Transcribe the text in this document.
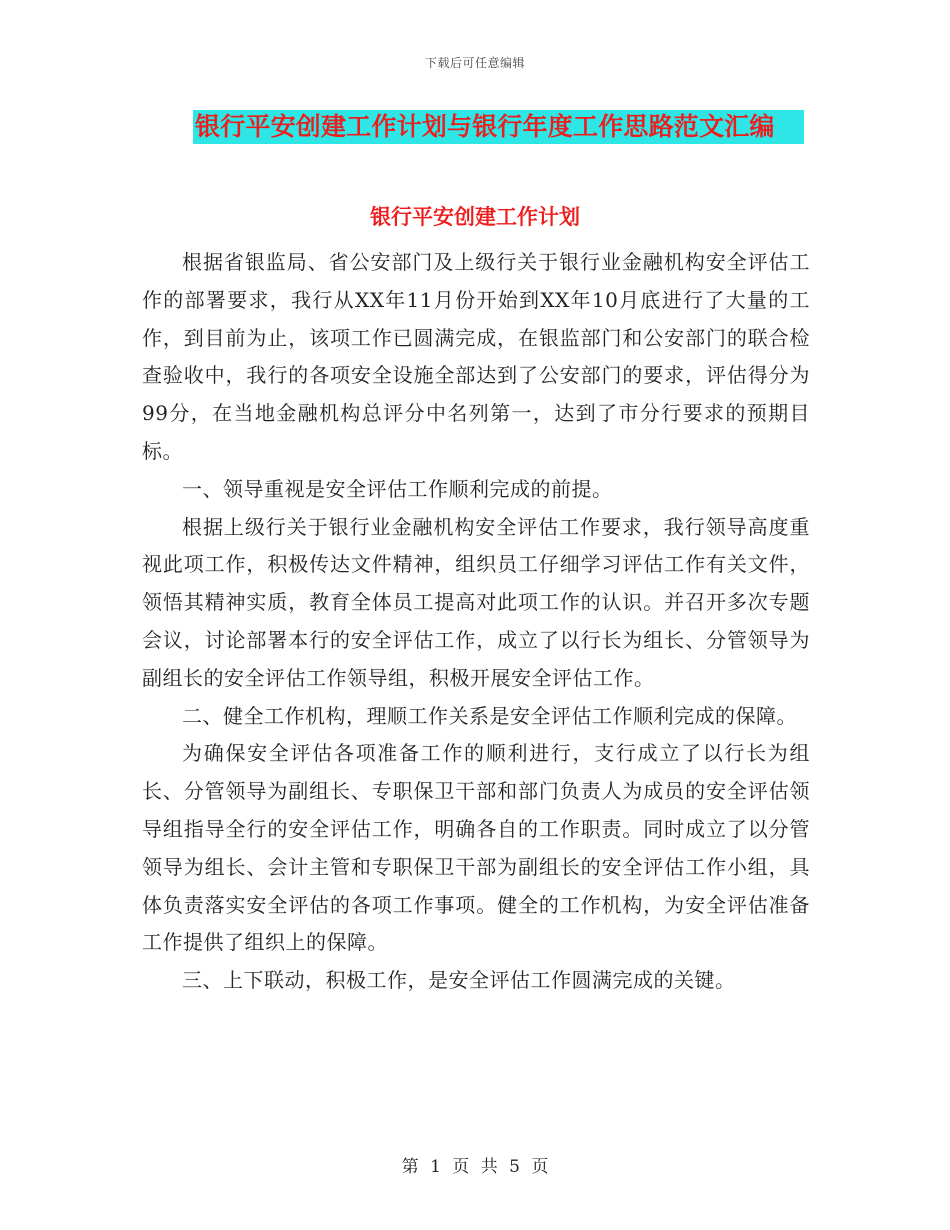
下载后可任意编辑
银行平安创建工作计划与银行年度工作思路范文汇编
银行平安创建工作计划

根据省银监局、省公安部门及上级行关于银行业金融机构安全评估工作的部署要求，我行从XX年11月份开始到XX年10月底进行了大量的工作，到目前为止，该项工作已圆满完成，在银监部门和公安部门的联合检查验收中，我行的各项安全设施全部达到了公安部门的要求，评估得分为99分，在当地金融机构总评分中名列第一，达到了市分行要求的预期目标。

一、领导重视是安全评估工作顺利完成的前提。

根据上级行关于银行业金融机构安全评估工作要求，我行领导高度重视此项工作，积极传达文件精神，组织员工仔细学习评估工作有关文件，领悟其精神实质，教育全体员工提高对此项工作的认识。并召开多次专题会议，讨论部署本行的安全评估工作，成立了以行长为组长、分管领导为副组长的安全评估工作领导组，积极开展安全评估工作。

二、健全工作机构，理顺工作关系是安全评估工作顺利完成的保障。

为确保安全评估各项准备工作的顺利进行，支行成立了以行长为组长、分管领导为副组长、专职保卫干部和部门负责人为成员的安全评估领导组指导全行的安全评估工作，明确各自的工作职责。同时成立了以分管领导为组长、会计主管和专职保卫干部为副组长的安全评估工作小组，具体负责落实安全评估的各项工作事项。健全的工作机构，为安全评估准备工作提供了组织上的保障。

三、上下联动，积极工作，是安全评估工作圆满完成的关键。

第 1 页 共 5 页
